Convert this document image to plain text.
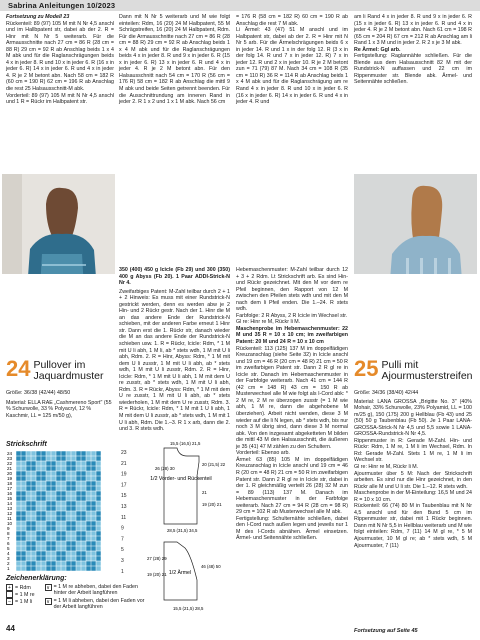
Sabrina Anleitungen 10/2023

Fortsetzung zu Modell 23

Rückenteil: 89 (97) 105 M mit N Nr 4,5 anschl und im Hallbpatent str, dabei ab der 2. R = Hinr mit N Nr 5 weiterarb. Für die Armausschnitte nach 27 cm = 86 R (28 cm = 88 R) 29 cm = 92 R ab Anschlag beids 1 x 4 M abk und für die Raglanschrägungen beids 4 x in jeder 8. R und 10 x in jeder 6. R (16 x in jeder 6. R) 14 x in jeder 6. R und 4 x in jeder 4. R je 2 M betont abn. Nach 58 cm = 182 R (60 cm = 190 R) 62 cm = 196 R ab Anschlag die rest 25 Halsausschnitt-M abk.

Vorderteil: 89 (97) 105 M mit N Nr 4,5 anschl und 1 R = Rückr im Halbpatent str.

Dann mit N Nr 5 weiterarb und M wie folgt einteilen: Rdm, 16 (20) 24 M Halbpatent, 55 M Schrägstreifen, 16 (20) 24 M Halbpatent, Rdm. Für die Armausschnitte nach 27 cm = 86 R (28 cm = 88 R) 29 cm = 92 R ab Anschlag beids 1 x 4 M abk und für die Raglanschrägungen beids 4 x in jeder 8. R und 9 x in jeder 6. R (15 x in jeder 6. R) 13 x in jeder 6. R und 4 x in jeder 4. R je 2 M betont abn. Für den Halsausschnitt nach 54 cm = 170 R (56 cm = 176 R) 58 cm = 182 R ab Anschlag die mittl 9 M abk und beide Seiten getrennt beenden. Für die Ausschnittrundung am inneren Rand in jeder 2. R 1 x 2 und 1 x 1 M abk. Nach 56 cm

= 176 R (58 cm = 182 R) 60 cm = 190 R ab Anschlag die rest 7 M abk.

Li Ärmel: 43 (47) 51 M anschl und im Halbpatent str, dabei ab der 2. R = Hinr mit N Nr 5 arb. Für die Ärmelschrägungen beids 6 x in jeder 14. R und 1 x in der folg 12. R (3 x in der folg 14. R und 7 x in jeder 12. R) 7 x in jeder 12. R und 2 x in jeder 10. R je 2 M betont zun = 71 (79) 87 M. Nach 34 cm = 108 R (35 cm = 110 R) 36 R = 114 R ab Anschlag beids 1 x 4 M abk und für die Raglanschrägung am re Rand 4 x in jeder 8. R und 10 x in jeder 6. R (16 x in jeder 6. R) 14 x in jeder 6. R und 4 x in jeder 4. R und

am li Rand 4 x in jeder 8. R und 9 x in jeder 6. R (15 x in jeder 6. R) 13 x in jeder 6. R und 4 x in jeder 4. R je 2 M betont abn. Nach 61 cm = 198 R (65 cm = 204 R) 67 cm = 212 R ab Anschlag am li Rand 1 x 3 M und in jeder 2. R 2 x je 3 M abk.

Re Ärmel: Ggl arb.

Fertigstellung: Raglannähte schließen. Für die Blende aus dem Halsausschnitt 82 M mit der Rundstrick-N auffassen und 22 cm im Rippenmuster str. Blende abk. Ärmel- und Seitennähte schließen.

24 Pullover im Jaquardmuster

Größe: 36/38 (42/44) 48/50

Material: ELLA RAE „Cashmereno Sport" (55 % Schurwolle, 33 % Polyacryl, 12 % Kaschmir, LL = 125 m/50 g),

350 (400) 450 g Icicle (Fb 29) und 300 (350) 400 g Abyss (Fb 20). 1 Paar ADDI-Strick-N Nr 4.

Zweifarbiges Patent: M-Zahl teilbar durch 2 + 1 + 2 Hinweis: Es muss mit einer Rundstrick-N gestrickt werden, denn es werden abw je 2 Hin- und 2 Rückr gestr. Nach der 1. Hinr die M an das andere Ende der Rundstrick-N schieben, mit der anderen Farbe erneut 1 Hinr str. Dann erst die 1. Rückr str, danach wieder die M an das andere Ende der Rundstrick-N schieben usw. 1. R = Rückr, Icicle: Rdm, * 1 M mit U li abh, 1 M li, ab * stets wdh, 1 M mit U li abh, Rdm. 2. R = Hinr, Abyss: Rdm, * 1 M mit dem U li zusstr, 1 M mit U li abh, ab * stets wdh, 1 M mit U li zusstr, Rdm. 2. R = Hinr, Icicle: Rdm, * 1 M mit U li abh, 1 M mit dem U re zusstr, ab * stets wdh, 1 M mit U li abh, Rdm. 3. R = Rückr, Abyss: Rdm, * 1 M mit dem U re zusstr, 1 M mit U li abh, ab * stets wiederholen, 1 M mit dem U re zusstr, Rdm. 3. R = Rückr, Icicle: Rdm, * 1 M mit 1 U li abh, 1 M mit dem U li zusstr, ab * stets wdh, 1 M mit 1 U li abh, Rdm. Die 1.–3. R 1 x arb, dann die 2. und 3. R stets wdh.

Hebemaschenmuster: M-Zahl teilbar durch 12 + 3 + 2 Rdm. Lt Strickschrift arb. Es sind Hin- und Rückr gezeichnet. Mit den M vor dem re Pfeil beginnen, den Rapport von 12 M zwischen den Pfeilen stets wdh und mit den M nach dem li Pfeil enden. Die 1.–24. R stets wdh.

Farbfolge: 2 R Abyss, 2 R Icicle im Wechsel str.

Gl re: Hinr re M, Rückr li M.

Maschenprobe im Hebemaschenmuster: 22 M und 35 R = 10 x 10 cm; im zweifarbigen Patent: 20 M und 24 R = 10 x 10 cm

Rückenteil: 113 (125) 137 M im doppelfädigen Kreuzanschlag (siehe Seite 32) in Icicle anschl und 19 cm = 46 R (20 cm = 48 R) 21 cm = 50 R im zweifarbigen Patent str. Dann 2 R gl re in Icicle str. Danach im Hebemaschenmuster in der Farbfolge weiterarb. Nach 41 cm = 144 R (42 cm = 148 R) 43 cm = 150 R ab Musterwechsel alle M wie folgt als I-Cord abk: * 2 M re, 2 M re überzogen zusstr (= 1 M wie abh, 1 M re, dann die abgehobene M überziehen). Arbeit nicht wenden, diese 3 M wieder auf die li N legen, ab * stets wdh, bis nur noch 3 M übrig sind, dann diese 3 M normal abk. Von den inzgesamt abgeketteten M bilden die mittl 43 M den Halsausschnitt, die äußeren je 35 (41) 47 M zählen zu den Schultern.

Vorderteil: Ebenso arb.

Ärmel: 63 (85) 105 M im doppelfädigen Kreuzanschlag in Icicle anschl und 19 cm = 46 R (20 cm = 48 R) 21 cm = 50 R im zweifarbigen Patent str. Dann 2 R gl re in Icicle str, dabei in der 1. R gleichmäßig verteilt 26 (28) 32 M zun = 89 (113) 137 M. Danach im Hebemaschenmuster in der Farbfolge weiterarb. Nach 27 cm = 94 R (28 cm = 98 R) 29 cm = 102 R ab Musterwechsel alle M abk.

Fertigstellung: Schulternähte schließen, dabei den I-Cord nach außen legen und jeweils nur 1 M des I-Cords abnähen. Ärmel einsetzen. Ärmel- und Seitennähte schließen.

25 Pulli mit Ajourmusterstreifen

Größe: 34/36 (38/40) 42/44

Material: LANA GROSSA „Brigitte No. 3" (40% Mohair, 33% Schurwolle, 23% Polyamid, LL = 100 m/25 g), 150 (175) 200 g Hellblau (Fb 43) und 25 (50) 50 g Taubenblau (Fb 50). Je 1 Paar LANA-GROSSA-Strick-N Nr 4,5 und 5,5 sowie 1 LANA-GROSSA-Rundstrick-N Nr 4,5.

Rippenmuster in R: Gerade M-Zahl. Hin- und Rückr: Rdm, 1 M re, 1 M li im Wechsel, Rdm. In Rd: Gerade M-Zahl. Stets 1 M re, 1 M li im Wechsel str.

Gl re: Hinr re M, Rückr li M.

Ajourmuster über 5 M: Nach der Strickschrift arbeiten. Es sind nur die Hinr gezeichnet, in den Rückr alle M und U li str. Die 1.–12. R stets wdh.

Maschenprobe in der M-Einteilung: 16,5 M und 24 R = 10 x 10 cm.

Rückenteil: 66 (74) 80 M in Taubenblau mit N Nr 4,5 anschl und für den Bund 5 cm im Rippenmuster str, dabei mit 1 Rückr beginnen. Dann mit N Nr 5,5 in Hellblau weiterarb und M wie folgt einteilen: Rdm, 7 (11) 14 M gl re, * 5 M Ajourmuster, 10 M gl re; ab * stets wdh, 5 M Ajourmuster, 7 (11)

Strickschrift
24
23
22
21
20
19
18
17
16
15
14
13
12
11
10
9
8
7
6
5
4
3
2
1
Zeichenerklärung:
+ = Rdm
= 1 M re
– = 1 M li
∨ = 1 M re abheben, dabei den Faden hinter der Arbeit langführen
∨ = 1 M li abheben, dabei den Faden vor der Arbeit langführen
23
21
19
17
15
13
11
9
7
5
3
1
1/2 Vorder- und Rückenteil
1/2 Ärmel
15,5 (16,5) 21,5
20 (21,5) 22
26 (28) 30
21
19 (20) 21
28,5 (31,5) 34,5
27 (28) 29
19 (20) 21
46 (48) 50
15,5 (21,5) 28,5
44	Fortsetzung auf Seite 45
